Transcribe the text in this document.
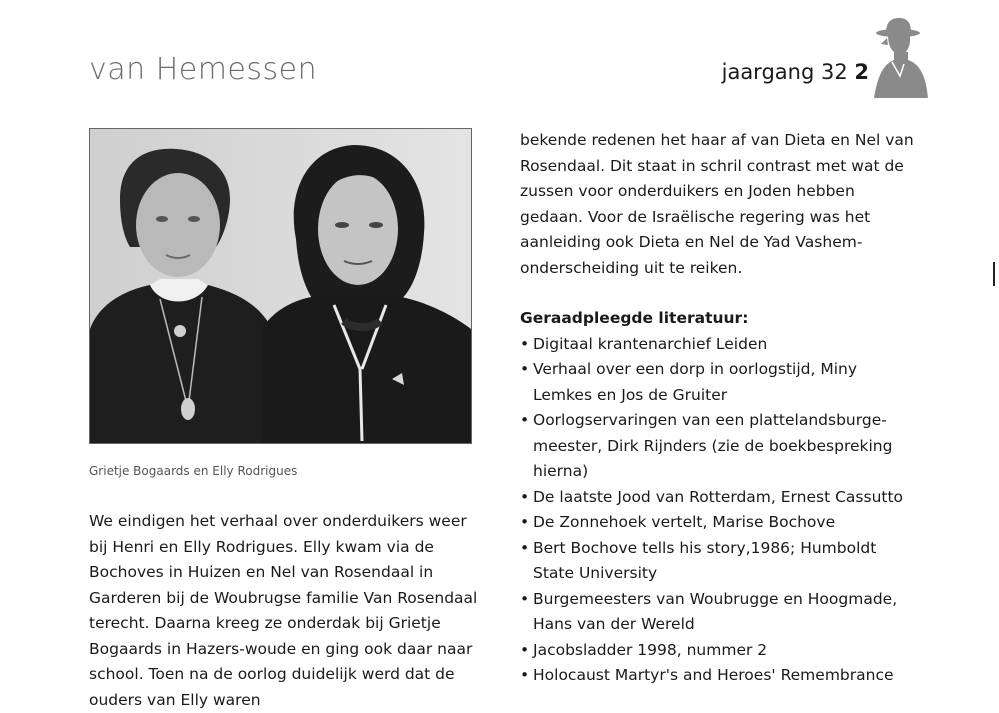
van Hemessen	jaargang 32 2
Grietje Bogaards en Elly Rodrigues

We eindigen het verhaal over onderduikers weer bij Henri en Elly Rodrigues. Elly kwam via de Bochoves in Huizen en Nel van Rosendaal in Garderen bij de Woubrugse familie Van Rosendaal terecht. Daarna kreeg ze onderdak bij Grietje Bogaards in Hazers-woude en ging ook daar naar school. Toen na de oorlog duidelijk werd dat de ouders van Elly waren

bekende redenen het haar af van Dieta en Nel van Rosendaal. Dit staat in schril contrast met wat de zussen voor onderduikers en Joden hebben gedaan. Voor de Israëlische regering was het aanleiding ook Dieta en Nel de Yad Vashem-onderscheiding uit te reiken.

Geraadpleegde literatuur:

• Digitaal krantenarchief Leiden
• Verhaal over een dorp in oorlogstijd, Miny Lemkes en Jos de Gruiter
• Oorlogservaringen van een plattelandsburge-meester, Dirk Rijnders (zie de boekbespreking hierna)
• De laatste Jood van Rotterdam, Ernest Cassutto
• De Zonnehoek vertelt, Marise Bochove
• Bert Bochove tells his story,1986; Humboldt State University
• Burgemeesters van Woubrugge en Hoogmade, Hans van der Wereld
• Jacobsladder 1998, nummer 2
• Holocaust Martyr's and Heroes' Remembrance
